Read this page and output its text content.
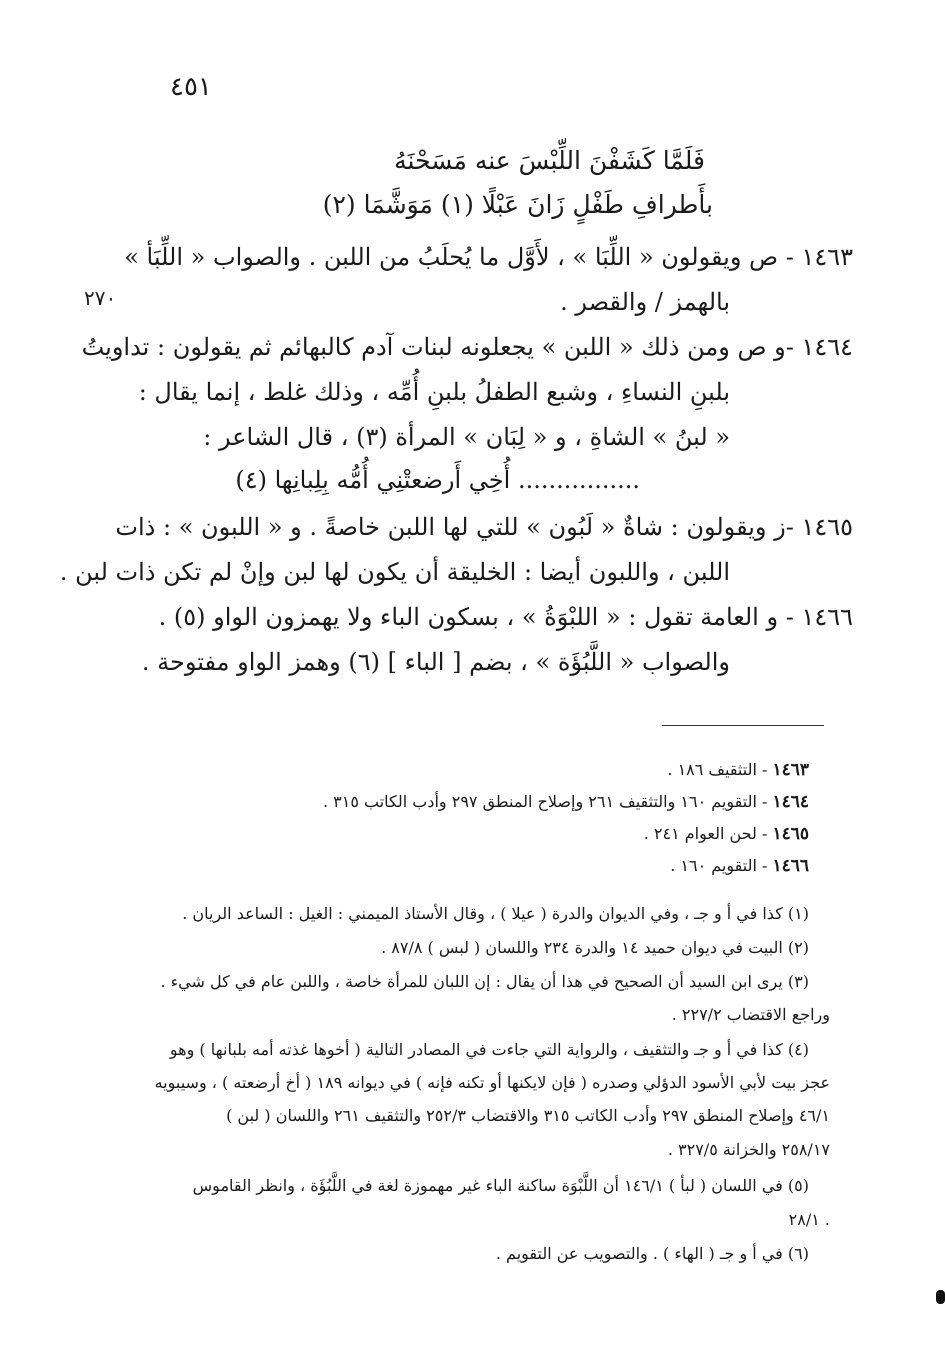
٤٥١
فَلَمَّا كَشَفْنَ اللِّبْسَ عنه مَسَحْنَهُ
بأَطرافِ طَفْلٍ زَانَ عَبْلًا (١) مَوَشَّمَا (٢)
٢٧٠
١٤٦٣ - ص ويقولون « اللِّبَا » ، لأَوَّل ما يُحلَبُ من اللبن . والصواب « اللِّبَأ »
بالهمز / والقصر .
١٤٦٤ -و ص ومن ذلك « اللبن » يجعلونه لبنات آدم كالبهائم ثم يقولون : تداويتُ
بلبنِ النساءِ ، وشبع الطفلُ بلبنِ أُمِّه ، وذلك غلط ، إنما يقال :
« لبنُ » الشاةِ ، و « لِبَان » المرأة (٣) ، قال الشاعر :
................ أُخِي أَرضعتْنِي أُمُّه بِلِبانِها (٤)
١٤٦٥ -ز ويقولون : شاةٌ « لَبُون » للتي لها اللبن خاصةً . و « اللبون » : ذات
اللبن ، واللبون أيضا : الخليقة أن يكون لها لبن وإنْ لم تكن ذات لبن .
١٤٦٦ - و العامة تقول : « اللبْوَةُ » ، بسكون الباء ولا يهمزون الواو (٥) .
والصواب « اللَّبُؤَة » ، بضم [ الباء ] (٦) وهمز الواو مفتوحة .
١٤٦٣ - التثقيف ١٨٦ .
١٤٦٤ - التقويم ١٦٠ والتثقيف ٢٦١ وإصلاح المنطق ٢٩٧ وأدب الكاتب ٣١٥ .
١٤٦٥ - لحن العوام ٢٤١ .
١٤٦٦ - التقويم ١٦٠ .
(١) كذا في أ و جـ ، وفي الديوان والدرة ( عيلا ) ، وقال الأستاذ الميمني : الغيل : الساعد الريان .
(٢) البيت في ديوان حميد ١٤ والدرة ٢٣٤ واللسان ( لبس ) ٨٧/٨ .
(٣) يرى ابن السيد أن الصحيح في هذا أن يقال : إن اللبان للمرأة خاصة ، واللبن عام في كل شيء .
وراجع الاقتضاب ٢٢٧/٢ .
(٤) كذا في أ و جـ والتثقيف ، والرواية التي جاءت في المصادر التالية ( أخوها غذته أمه بلبانها ) وهو
عجز بيت لأبي الأسود الدؤلي وصدره ( فإن لايكنها أو تكنه فإنه ) في ديوانه ١٨٩ ( أخ أرضعته ) ، وسيبويه
٤٦/١ وإصلاح المنطق ٢٩٧ وأدب الكاتب ٣١٥ والاقتضاب ٢٥٢/٣ والتثقيف ٢٦١ واللسان ( لبن )
٢٥٨/١٧ والخزانة ٣٢٧/٥ .
(٥) في اللسان ( لبأ ) ١٤٦/١ أن اللَّبْوَة ساكنة الباء غير مهموزة لغة في اللَّبُؤَة ، وانظر القاموس
. ٢٨/١
(٦) في أ و جـ ( الهاء ) . والتصويب عن التقويم .
